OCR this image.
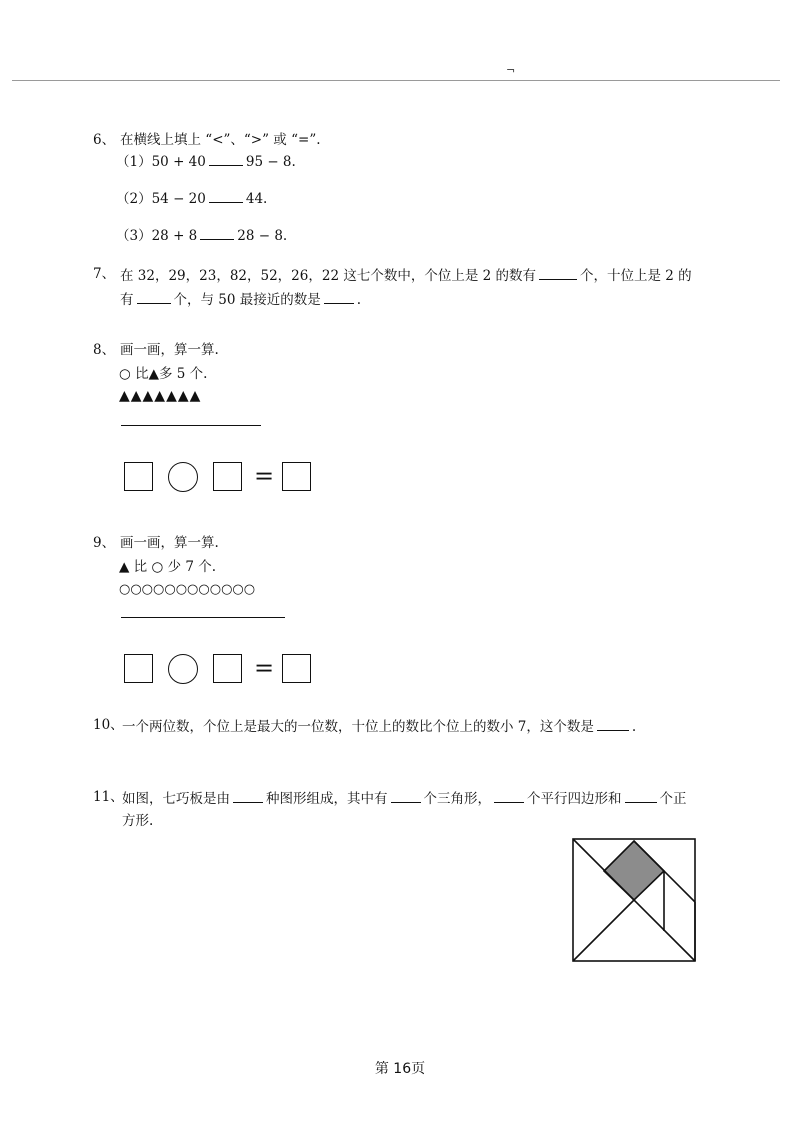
¬
6、 在横线上填上 “<”、“>” 或 “=”.
（1）50 + 40	95 − 8.
（2）54 − 20	44.
（3）28 + 8	28 − 8.
7、 在 32，29，23，82，52，26，22 这七个数中，个位上是 2 的数有	个，十位上是 2 的
有	个，与 50 最接近的数是	.
8、 画一画，算一算.
○ 比▲多 5 个.
▲▲▲▲▲▲▲
=
9、 画一画，算一算.
▲ 比 ○ 少 7 个.
○○○○○○○○○○○○
=
10、
一个两位数，个位上是最大的一位数，十位上的数比个位上的数小 7，这个数是	.
11、
如图，七巧板是由	种图形组成，其中有	个三角形，	个平行四边形和	个正
方形.
第 16页
